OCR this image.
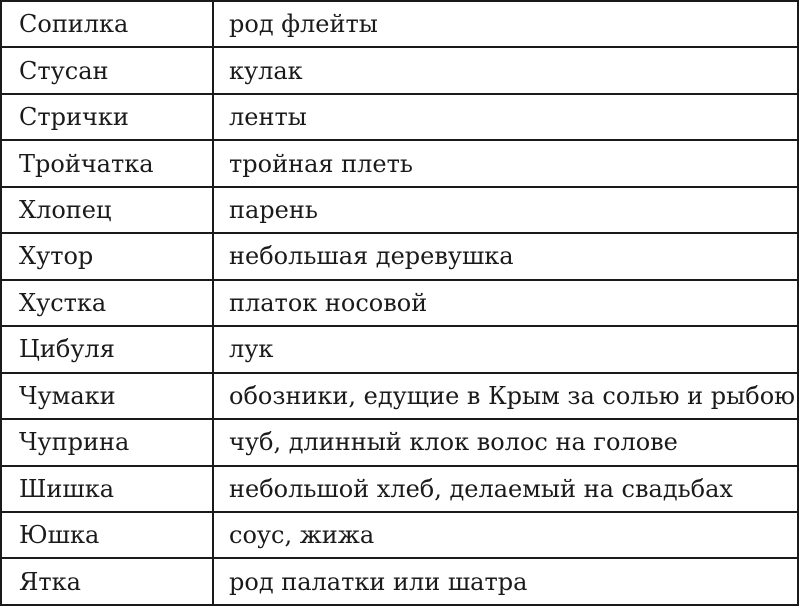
Сопилка	род флейты
Стусан	кулак
Стрички	ленты
Тройчатка	тройная плеть
Хлопец	парень
Хутор	небольшая деревушка
Хустка	платок носовой
Цибуля	лук
Чумаки	обозники, едущие в Крым за солью и рыбою
Чуприна	чуб, длинный клок волос на голове
Шишка	небольшой хлеб, делаемый на свадьбах
Юшка	соус, жижа
Ятка	род палатки или шатра
